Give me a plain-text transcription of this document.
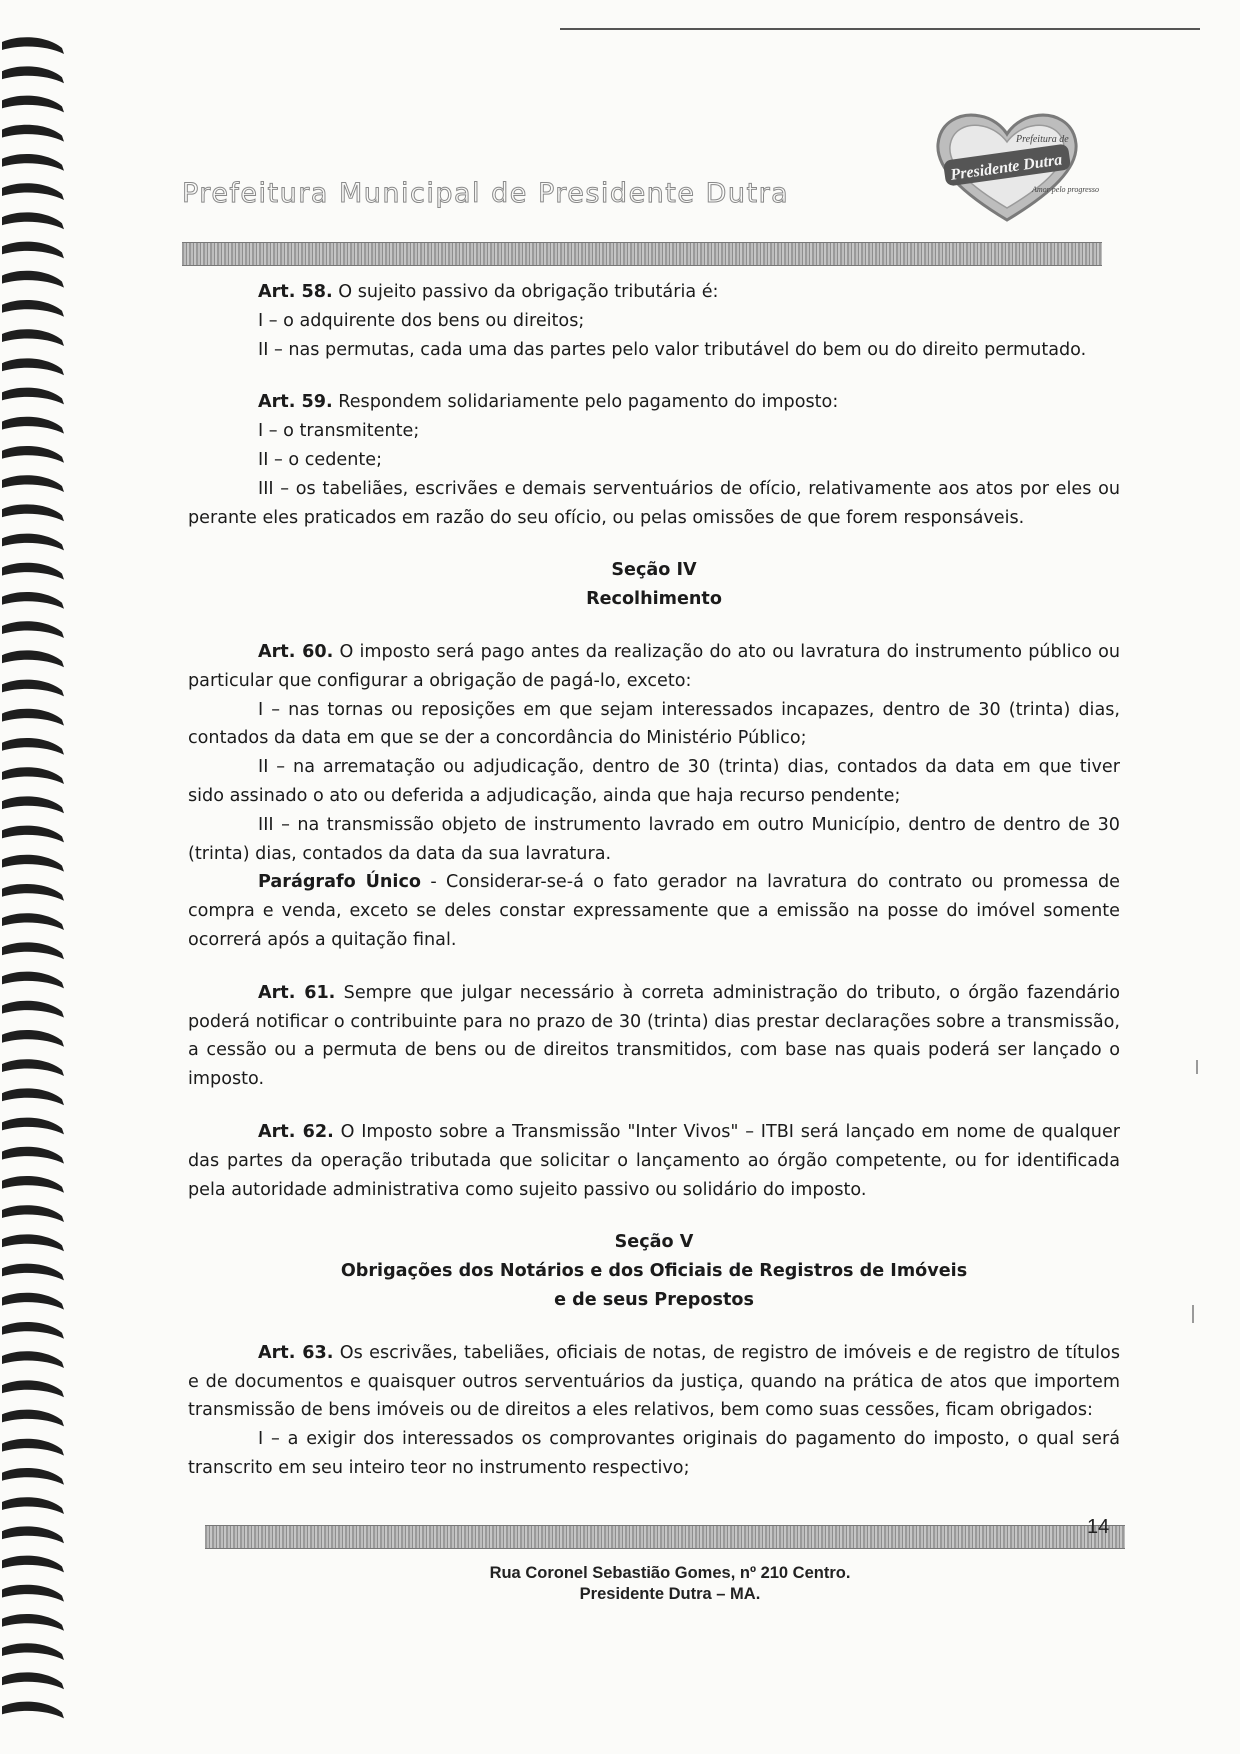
Prefeitura Municipal de Presidente Dutra
Prefeitura de
Presidente Dutra
Amor pelo progresso

Art. 58. O sujeito passivo da obrigação tributária é:

I – o adquirente dos bens ou direitos;

II – nas permutas, cada uma das partes pelo valor tributável do bem ou do direito permutado.

Art. 59. Respondem solidariamente pelo pagamento do imposto:

I – o transmitente;

II – o cedente;

III – os tabeliães, escrivães e demais serventuários de ofício, relativamente aos atos por eles ou perante eles praticados em razão do seu ofício, ou pelas omissões de que forem responsáveis.

Seção IV

Recolhimento

Art. 60. O imposto será pago antes da realização do ato ou lavratura do instrumento público ou particular que configurar a obrigação de pagá-lo, exceto:

I – nas tornas ou reposições em que sejam interessados incapazes, dentro de 30 (trinta) dias, contados da data em que se der a concordância do Ministério Público;

II – na arrematação ou adjudicação, dentro de 30 (trinta) dias, contados da data em que tiver sido assinado o ato ou deferida a adjudicação, ainda que haja recurso pendente;

III – na transmissão objeto de instrumento lavrado em outro Município, dentro de dentro de 30 (trinta) dias, contados da data da sua lavratura.

Parágrafo Único - Considerar-se-á o fato gerador na lavratura do contrato ou promessa de compra e venda, exceto se deles constar expressamente que a emissão na posse do imóvel somente ocorrerá após a quitação final.

Art. 61. Sempre que julgar necessário à correta administração do tributo, o órgão fazendário poderá notificar o contribuinte para no prazo de 30 (trinta) dias prestar declarações sobre a transmissão, a cessão ou a permuta de bens ou de direitos transmitidos, com base nas quais poderá ser lançado o imposto.

Art. 62. O Imposto sobre a Transmissão "Inter Vivos" – ITBI será lançado em nome de qualquer das partes da operação tributada que solicitar o lançamento ao órgão competente, ou for identificada pela autoridade administrativa como sujeito passivo ou solidário do imposto.

Seção V

Obrigações dos Notários e dos Oficiais de Registros de Imóveis

e de seus Prepostos

Art. 63. Os escrivães, tabeliães, oficiais de notas, de registro de imóveis e de registro de títulos e de documentos e quaisquer outros serventuários da justiça, quando na prática de atos que importem transmissão de bens imóveis ou de direitos a eles relativos, bem como suas cessões, ficam obrigados:

I – a exigir dos interessados os comprovantes originais do pagamento do imposto, o qual será transcrito em seu inteiro teor no instrumento respectivo;

14
Rua Coronel Sebastião Gomes, nº 210 Centro.
Presidente Dutra – MA.
